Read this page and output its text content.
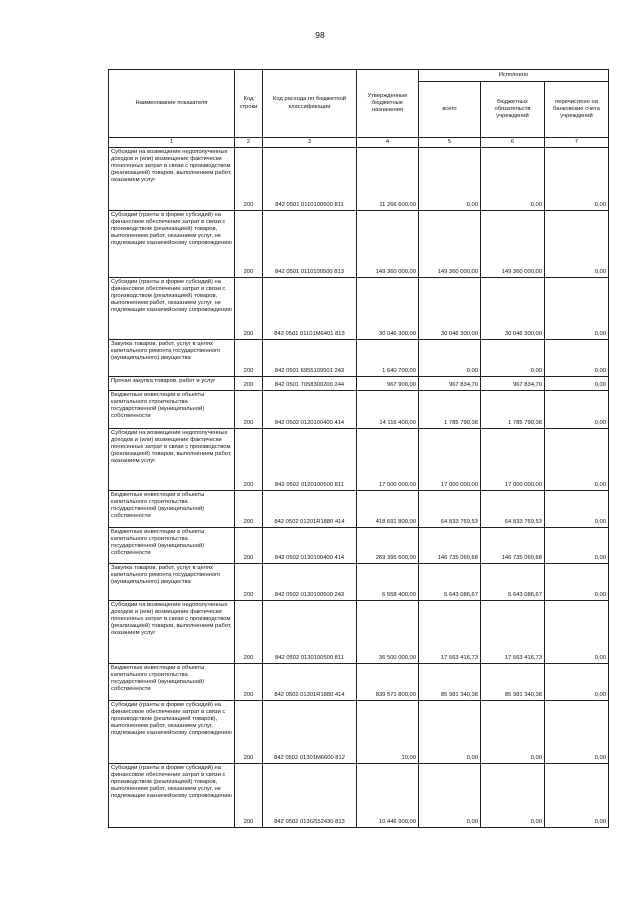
98
Наименование показателя	Код строки	Код расхода по бюджетной классификации	Утвержденные бюджетные назначения	Исполнено		
				всего	бюджетных обязательств учреждений	перечислено на банковские счета учреждений
1	2	3	4	5	6	7
Субсидии на возмещение недополученных доходов и (или) возмещение фактически понесенных затрат в связи с производством (реализацией) товаров, выполнением работ, оказанием услуг	200	842 0501 0110100500 811	11 266 600,00	0,00	0,00	0,00
Субсидии (гранты в форме субсидий) на финансовое обеспечение затрат в связи с производством (реализацией) товаров, выполнением работ, оказанием услуг, не подлежащие казначейскому сопровождению	200	842 0501 0110100500 813	149 360 000,00	149 360 000,00	149 360 000,00	0,00
Субсидии (гранты в форме субсидий) на финансовое обеспечение затрат в связи с производством (реализацией) товаров, выполнением работ, оказанием услуг, не подлежащие казначейскому сопровождению	200	842 0501 01101М6401 813	30 046 300,00	30 046 300,00	30 046 300,00	0,00
Закупка товаров, работ, услуг в целях капитального ремонта государственного (муниципального) имущества	200	842 0501 6955109501 243	1 640 700,00	0,00	0,00	0,00
Прочая закупка товаров, работ и услуг	200	842 0501 7058300200 244	967 900,00	967 834,70	967 834,70	0,00
Бюджетные инвестиции в объекты капитального строительства государственной (муниципальной) собственности	200	842 0502 0120100400 414	14 116 400,00	1 785 790,38	1 785 790,38	0,00
Субсидии на возмещение недополученных доходов и (или) возмещение фактически понесенных затрат в связи с производством (реализацией) товаров, выполнением работ, оказанием услуг	200	842 0502 0120100500 811	17 000 000,00	17 000 000,00	17 000 000,00	0,00
Бюджетные инвестиции в объекты капитального строительства государственной (муниципальной) собственности	200	842 0502 01201R1880 414	418 691 800,00	64 833 769,53	64 833 769,53	0,00
Бюджетные инвестиции в объекты капитального строительства государственной (муниципальной) собственности	200	842 0502 0130100400 414	269 395 600,00	146 735 060,68	146 735 060,68	0,00
Закупка товаров, работ, услуг в целях капитального ремонта государственного (муниципального) имущества	200	842 0502 0130100500 243	6 558 400,00	5 643 086,67	5 643 086,67	0,00
Субсидии на возмещение недополученных доходов и (или) возмещение фактически понесенных затрат в связи с производством (реализацией) товаров, выполнением работ, оказанием услуг	200	842 0502 0130100500 811	36 500 000,00	17 663 416,73	17 663 416,73	0,00
Бюджетные инвестиции в объекты капитального строительства государственной (муниципальной) собственности	200	842 0502 01301R1880 414	839 571 800,00	85 981 340,38	85 981 340,38	0,00
Субсидии (гранты в форме субсидий) на финансовое обеспечение затрат в связи с производством (реализацией товаров), выполнением работ, оказанием услуг, подлежащие казначейскому сопровождению	200	842 0502 01301М6600 812	10,00	0,00	0,00	0,00
Субсидии (гранты в форме субсидий) на финансовое обеспечение затрат в связи с производством (реализацией) товаров, выполнением работ, оказанием услуг, не подлежащие казначейскому сопровождению	200	842 0502 013G552430 813	10 446 900,00	0,00	0,00	0,00
